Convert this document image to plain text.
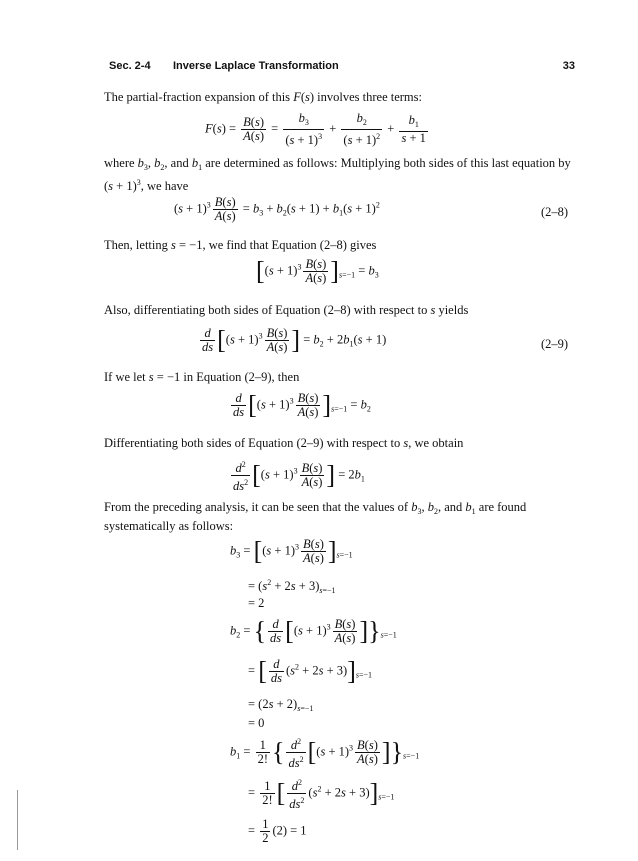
Sec. 2-4 Inverse Laplace Transformation	33
The partial-fraction expansion of this F(s) involves three terms:
$F(s) = \frac{B(s)}{A(s)} = \frac{b_3}{(s + 1)^3} + \frac{b_2}{(s + 1)^2} + \frac{b_1}{s + 1}$
where $b_3$, $b_2$, and $b_1$ are determined as follows: Multiplying both sides of this last equation by $(s + 1)^3$, we have
$(s + 1)^3 \frac{B(s)}{A(s)} = b_3 + b_2(s + 1) + b_1(s + 1)^2$
(2–8)
Then, letting s = −1, we find that Equation (2–8) gives
$[(s + 1)^3 \frac{B(s)}{A(s)} ]_{s=-1} = b_3$
Also, differentiating both sides of Equation (2–8) with respect to s yields
$\frac{d}{ds} [(s + 1)^3 \frac{B(s)}{A(s)}$ ] = $b_2 + 2b_1(s + 1)$	(2–9)
If we let s = −1 in Equation (2–9), then
$\frac{d}{ds} [(s + 1)^3 \frac{B(s)}{A(s)} ]_{s=-1} = b_2$
Differentiating both sides of Equation (2–9) with respect to s, we obtain
$\frac{d^2}{ds^2} [(s + 1)^3 \frac{B(s)}{A(s)}$ ] = $2b_1$
From the preceding analysis, it can be seen that the values of $b_3$, $b_2$, and $b_1$ are found systematically as follows:
$b_3 = [(s + 1)^3 \frac{B(s)}{A(s)} ]_{s=-1}$
= $(s^2 + 2s + 3)_{s=-1}$
= 2
$b_2$ = { $\frac{d}{ds} [(s + 1)^3 \frac{B(s)}{A(s)} ]\}_{s=-1}$
= [ $\frac{d}{ds} (s^2 + 2s + 3)]_{s=-1}$
= $(2s + 2)_{s=-1}$
= 0
$b_1 = \frac{1}{2!}$ { $\frac{d^2}{ds^2} [(s + 1)^3 \frac{B(s)}{A(s)} ]\}_{s=-1}$
= $\frac{1}{2!}$ [ $\frac{d^2}{ds^2} (s^2 + 2s + 3)]_{s=-1}$
= $\frac{1}{2} (2) = 1$
